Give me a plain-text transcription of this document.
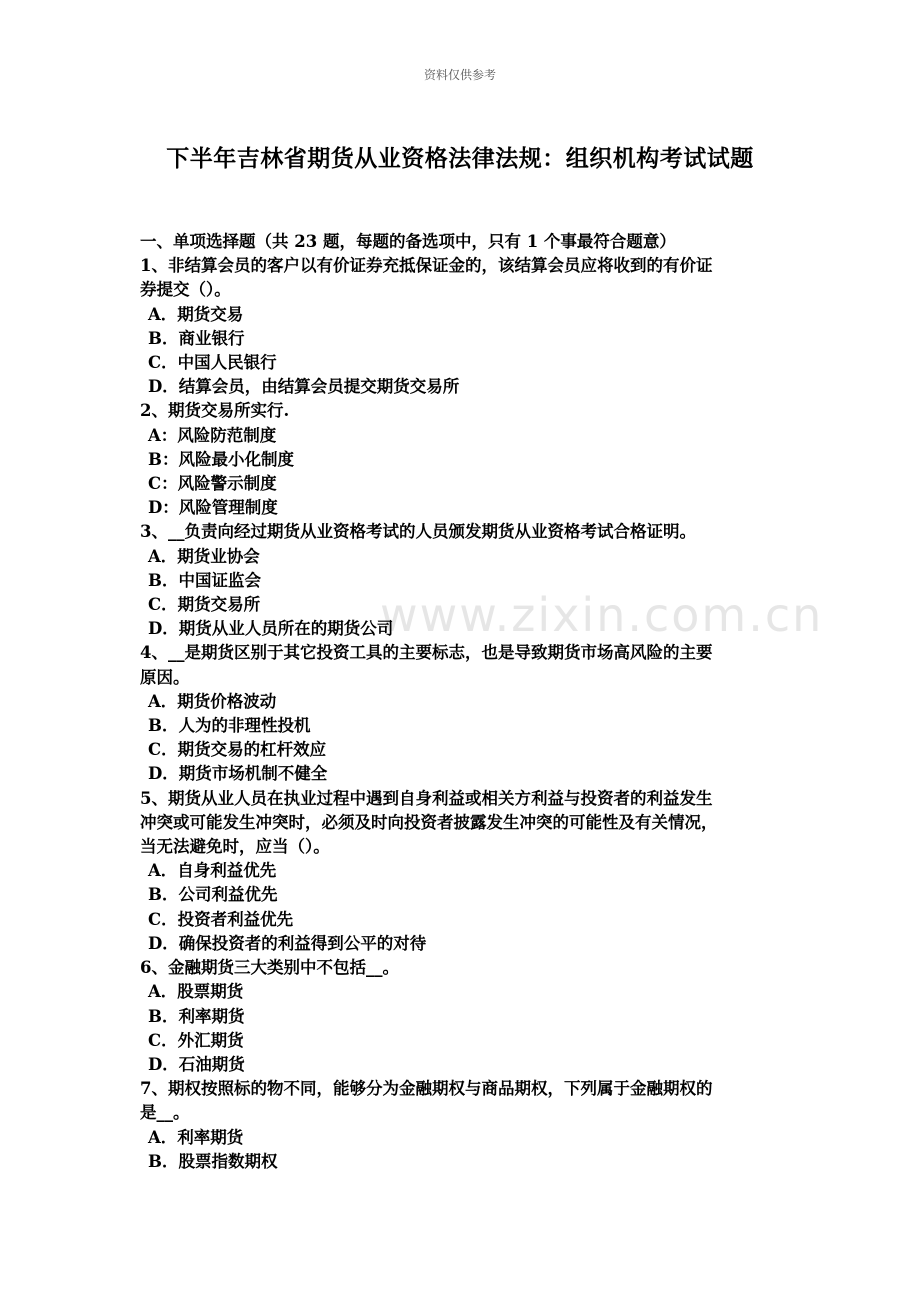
资料仅供参考
下半年吉林省期货从业资格法律法规：组织机构考试试题
www.zixin.com.cn
一、单项选择题（共 23 题，每题的备选项中，只有 1 个事最符合题意）
1、非结算会员的客户以有价证券充抵保证金的，该结算会员应将收到的有价证
券提交（）。
A．期货交易
B．商业银行
C．中国人民银行
D．结算会员，由结算会员提交期货交易所
2、期货交易所实行.
A：风险防范制度
B：风险最小化制度
C：风险警示制度
D：风险管理制度
3、__负责向经过期货从业资格考试的人员颁发期货从业资格考试合格证明。
A．期货业协会
B．中国证监会
C．期货交易所
D．期货从业人员所在的期货公司
4、__是期货区别于其它投资工具的主要标志，也是导致期货市场高风险的主要
原因。
A．期货价格波动
B．人为的非理性投机
C．期货交易的杠杆效应
D．期货市场机制不健全
5、期货从业人员在执业过程中遇到自身利益或相关方利益与投资者的利益发生
冲突或可能发生冲突时，必须及时向投资者披露发生冲突的可能性及有关情况，
当无法避免时，应当（）。
A．自身利益优先
B．公司利益优先
C．投资者利益优先
D．确保投资者的利益得到公平的对待
6、金融期货三大类别中不包括__。
A．股票期货
B．利率期货
C．外汇期货
D．石油期货
7、期权按照标的物不同，能够分为金融期权与商品期权，下列属于金融期权的
是__。
A．利率期货
B．股票指数期权
